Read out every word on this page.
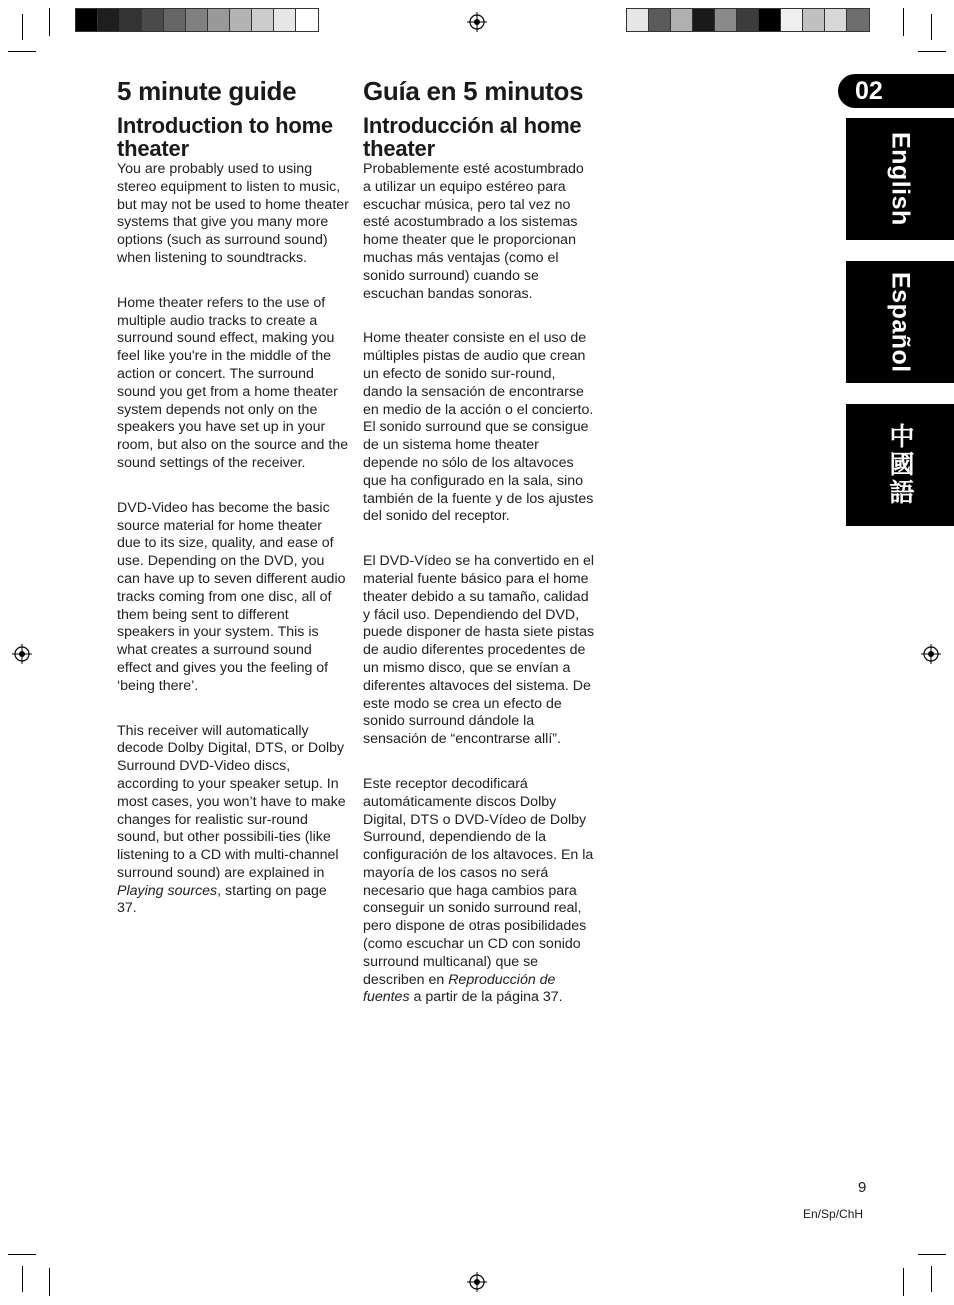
5 minute guide
Introduction to home theater

You are probably used to using stereo equipment to listen to music, but may not be used to home theater systems that give you many more options (such as surround sound) when listening to soundtracks.

Home theater refers to the use of multiple audio tracks to create a surround sound effect, making you feel like you're in the middle of the action or concert. The surround sound you get from a home theater system depends not only on the speakers you have set up in your room, but also on the source and the sound settings of the receiver.

DVD-Video has become the basic source material for home theater due to its size, quality, and ease of use. Depending on the DVD, you can have up to seven different audio tracks coming from one disc, all of them being sent to different speakers in your system. This is what creates a surround sound effect and gives you the feeling of ‘being there’.

This receiver will automatically decode Dolby Digital, DTS, or Dolby Surround DVD-Video discs, according to your speaker setup. In most cases, you won’t have to make changes for realistic sur-round sound, but other possibili-ties (like listening to a CD with multi-channel surround sound) are explained in Playing sources, starting on page 37.

Guía en 5 minutos
Introducción al home theater

Probablemente esté acostumbrado a utilizar un equipo estéreo para escuchar música, pero tal vez no esté acostumbrado a los sistemas home theater que le proporcionan muchas más ventajas (como el sonido surround) cuando se escuchan bandas sonoras.

Home theater consiste en el uso de múltiples pistas de audio que crean un efecto de sonido sur-round, dando la sensación de encontrarse en medio de la acción o el concierto. El sonido surround que se consigue de un sistema home theater depende no sólo de los altavoces que ha configurado en la sala, sino también de la fuente y de los ajustes del sonido del receptor.

El DVD-Vídeo se ha convertido en el material fuente básico para el home theater debido a su tamaño, calidad y fácil uso. Dependiendo del DVD, puede disponer de hasta siete pistas de audio diferentes procedentes de un mismo disco, que se envían a diferentes altavoces del sistema. De este modo se crea un efecto de sonido surround dándole la sensación de “encontrarse allí”.

Este receptor decodificará automáticamente discos Dolby Digital, DTS o DVD-Vídeo de Dolby Surround, dependiendo de la configuración de los altavoces. En la mayoría de los casos no será necesario que haga cambios para conseguir un sonido surround real, pero dispone de otras posibilidades (como escuchar un CD con sonido surround multicanal) que se describen en Reproducción de fuentes a partir de la página 37.

02
English
Español
中國語
9
En/Sp/ChH
